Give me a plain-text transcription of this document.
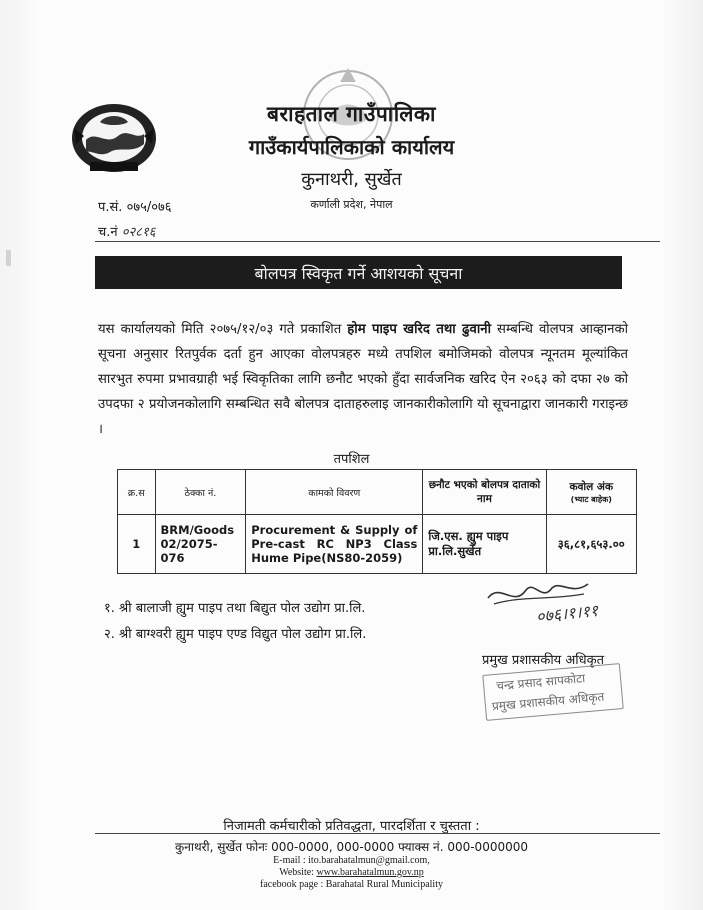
बराहताल गाउँपालिका
गाउँकार्यपालिकाको कार्यालय
कुनाथरी, सुर्खेत
कर्णाली प्रदेश, नेपाल
प.सं. ०७५/०७६
च.नं ०२८१६
बोलपत्र स्विकृत गर्ने आशयको सूचना
यस कार्यालयको मिति २०७५/१२/०३ गते प्रकाशित होम पाइप खरिद तथा ढुवानी सम्बन्धि वोलपत्र आव्हानको सूचना अनुसार रितपुर्वक दर्ता हुन आएका वोलपत्रहरु मध्ये तपशिल बमोजिमको वोलपत्र न्यूनतम मूल्यांकित सारभुत रुपमा प्रभावग्राही भई स्विकृतिका लागि छनौट भएको हुँदा सार्वजनिक खरिद ऐन २०६३ को दफा २७ को उपदफा २ प्रयोजनकोलागि सम्बन्धित सवै बोलपत्र दाताहरुलाइ जानकारीकोलागि यो सूचनाद्वारा जानकारी गराइन्छ ।
तपशिल
क्र.स	ठेक्का नं.	कामको विवरण	छनौट भएको बोलपत्र दाताको नाम	कवोल अंक
(भ्याट बाहेक)

1	BRM/Goods 02/2075-076	Procurement & Supply of Pre-cast RC NP3 Class Hume Pipe(NS80-2059)	जि.एस. ह्युम पाइप प्रा.लि.सुर्खेत	३६,८१,६५३.००
१. श्री बालाजी ह्युम पाइप तथा बिद्युत पोल उद्योग प्रा.लि.
२. श्री बाग्श्वरी ह्युम पाइप एण्ड विद्युत पोल उद्योग प्रा.लि.
०७६।१।११
प्रमुख प्रशासकीय अधिकृत
चन्द्र प्रसाद सापकोटा
प्रमुख प्रशासकीय अधिकृत
निजामती कर्मचारीको प्रतिवद्धता, पारदर्शिता र चुस्तता :
कुनाथरी, सुर्खेत फोनः 000-0000, 000-0000 फ्याक्स नं. 000-0000000
E-mail : ito.barahatalmun@gmail.com,
Website: www.barahatalmun.gov.np
facebook page : Barahatal Rural Municipality
